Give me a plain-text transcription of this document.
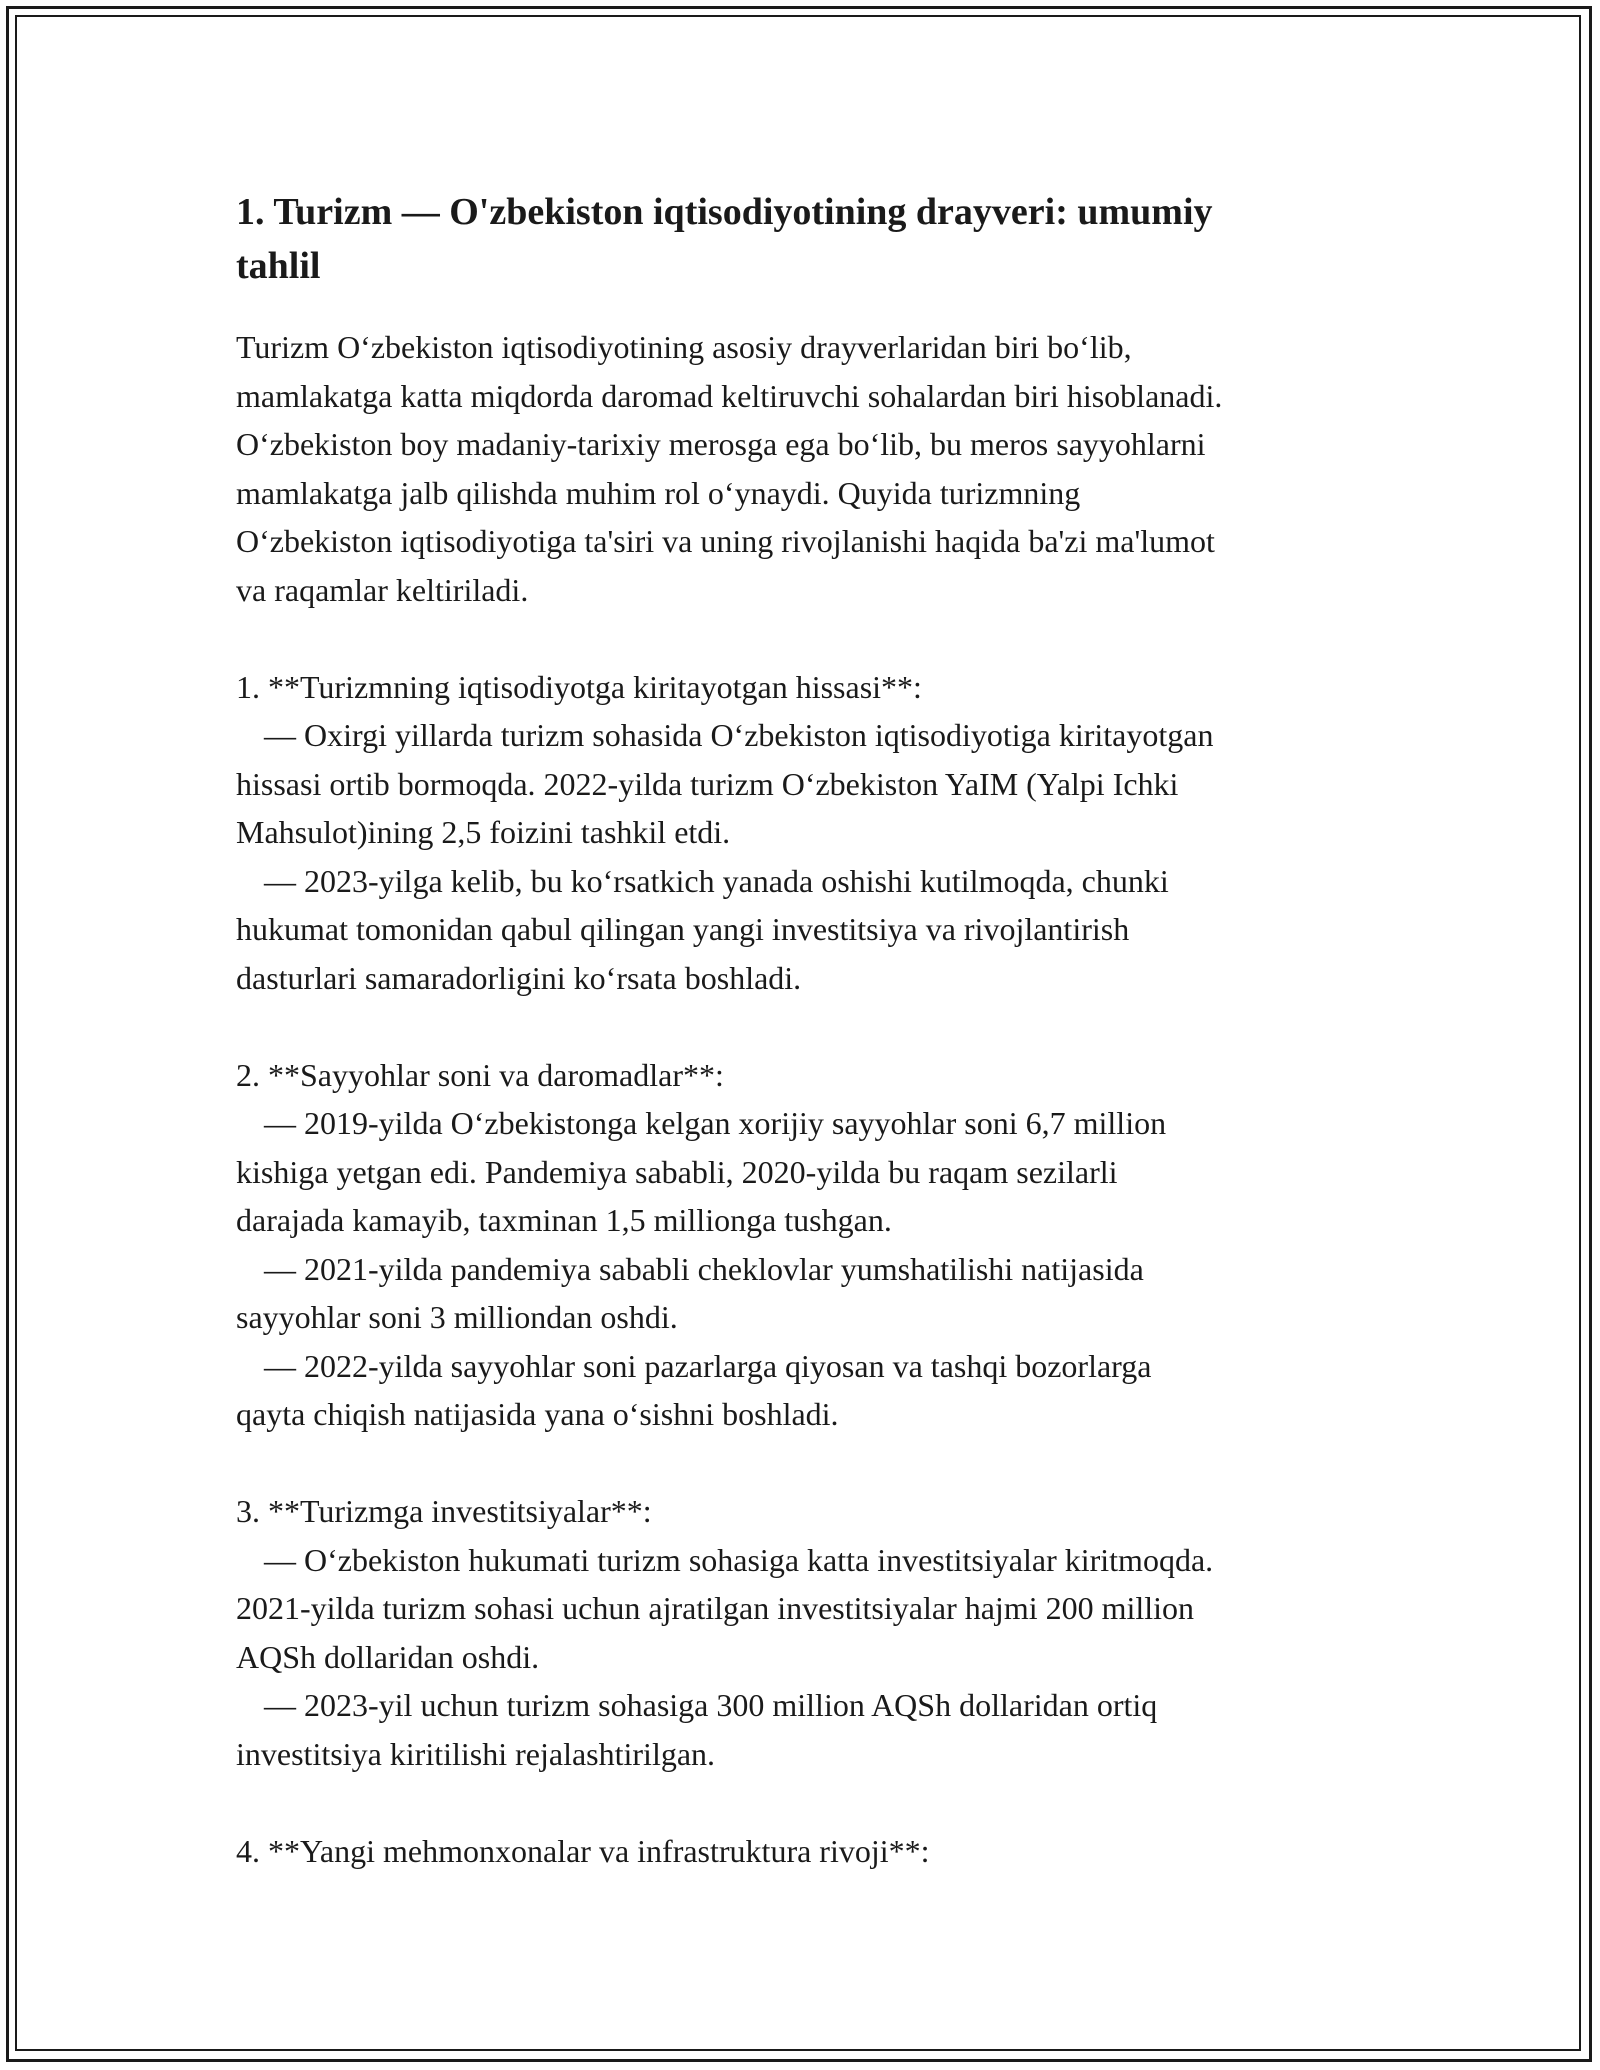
1. Turizm — O'zbekiston iqtisodiyotining drayveri: umumiy
tahlil

Turizm Oʻzbekiston iqtisodiyotining asosiy drayverlaridan biri boʻlib,
mamlakatga katta miqdorda daromad keltiruvchi sohalardan biri hisoblanadi.
Oʻzbekiston boy madaniy-tarixiy merosga ega boʻlib, bu meros sayyohlarni
mamlakatga jalb qilishda muhim rol oʻynaydi. Quyida turizmning
Oʻzbekiston iqtisodiyotiga ta'siri va uning rivojlanishi haqida ba'zi ma'lumot
va raqamlar keltiriladi.

1. **Turizmning iqtisodiyotga kiritayotgan hissasi**:
— Oxirgi yillarda turizm sohasida Oʻzbekiston iqtisodiyotiga kiritayotgan
hissasi ortib bormoqda. 2022-yilda turizm Oʻzbekiston YaIM (Yalpi Ichki
Mahsulot)ining 2,5 foizini tashkil etdi.
— 2023-yilga kelib, bu koʻrsatkich yanada oshishi kutilmoqda, chunki
hukumat tomonidan qabul qilingan yangi investitsiya va rivojlantirish
dasturlari samaradorligini koʻrsata boshladi.
2. **Sayyohlar soni va daromadlar**:
— 2019-yilda Oʻzbekistonga kelgan xorijiy sayyohlar soni 6,7 million
kishiga yetgan edi. Pandemiya sababli, 2020-yilda bu raqam sezilarli
darajada kamayib, taxminan 1,5 millionga tushgan.
— 2021-yilda pandemiya sababli cheklovlar yumshatilishi natijasida
sayyohlar soni 3 milliondan oshdi.
— 2022-yilda sayyohlar soni pazarlarga qiyosan va tashqi bozorlarga
qayta chiqish natijasida yana oʻsishni boshladi.
3. **Turizmga investitsiyalar**:
— Oʻzbekiston hukumati turizm sohasiga katta investitsiyalar kiritmoqda.
2021-yilda turizm sohasi uchun ajratilgan investitsiyalar hajmi 200 million
AQSh dollaridan oshdi.
— 2023-yil uchun turizm sohasiga 300 million AQSh dollaridan ortiq
investitsiya kiritilishi rejalashtirilgan.
4. **Yangi mehmonxonalar va infrastruktura rivoji**:
